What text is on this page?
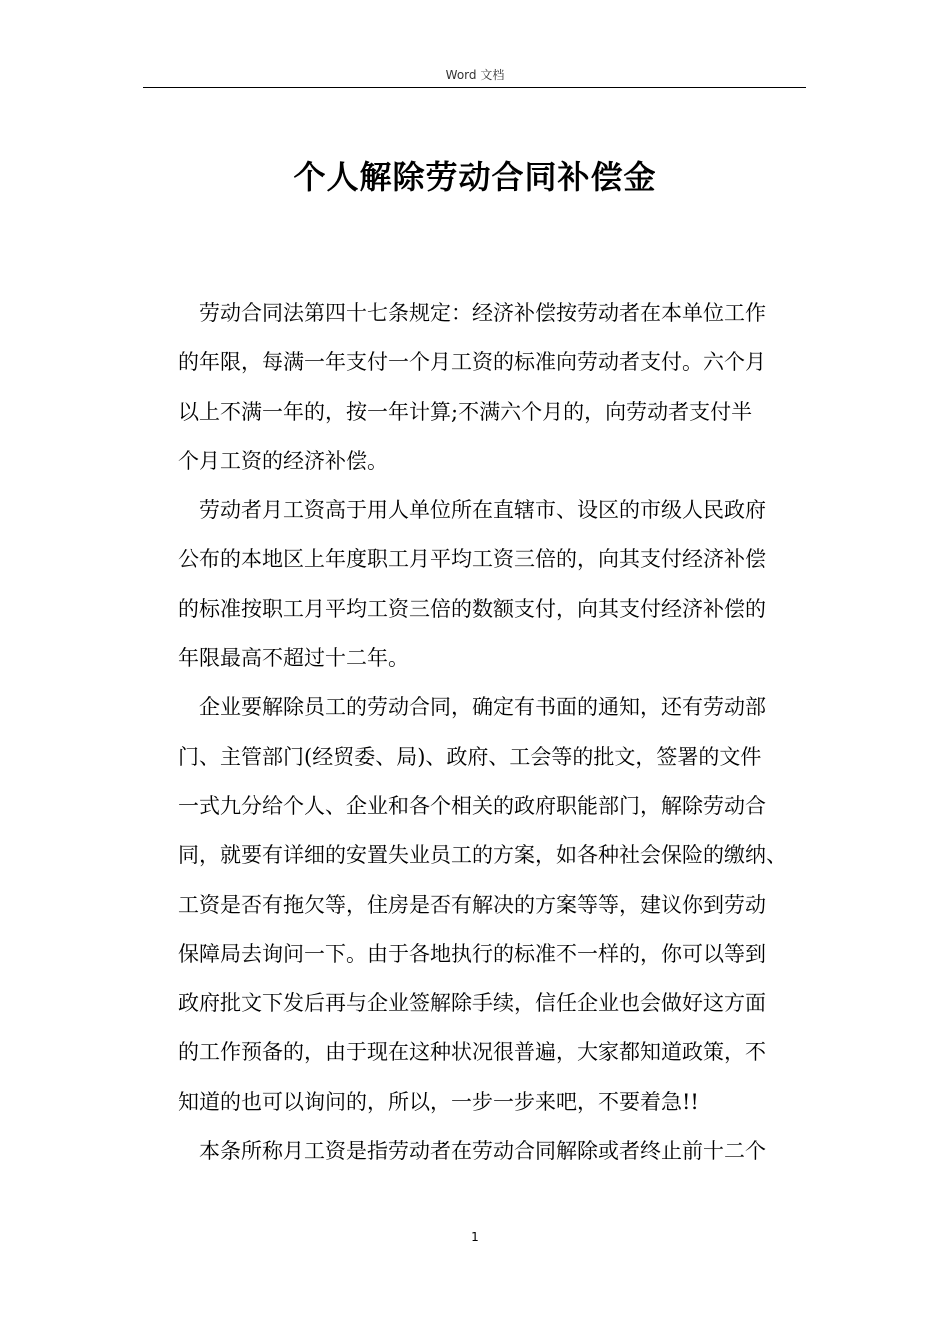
Word 文档
个人解除劳动合同补偿金
劳动合同法第四十七条规定：经济补偿按劳动者在本单位工作
的年限，每满一年支付一个月工资的标准向劳动者支付。六个月
以上不满一年的，按一年计算;不满六个月的，向劳动者支付半
个月工资的经济补偿。
劳动者月工资高于用人单位所在直辖市、设区的市级人民政府
公布的本地区上年度职工月平均工资三倍的，向其支付经济补偿
的标准按职工月平均工资三倍的数额支付，向其支付经济补偿的
年限最高不超过十二年。
企业要解除员工的劳动合同，确定有书面的通知，还有劳动部
门、主管部门(经贸委、局)、政府、工会等的批文，签署的文件
一式九分给个人、企业和各个相关的政府职能部门，解除劳动合
同，就要有详细的安置失业员工的方案，如各种社会保险的缴纳、
工资是否有拖欠等，住房是否有解决的方案等等，建议你到劳动
保障局去询问一下。由于各地执行的标准不一样的，你可以等到
政府批文下发后再与企业签解除手续，信任企业也会做好这方面
的工作预备的，由于现在这种状况很普遍，大家都知道政策，不
知道的也可以询问的，所以，一步一步来吧，不要着急!!
本条所称月工资是指劳动者在劳动合同解除或者终止前十二个
1
